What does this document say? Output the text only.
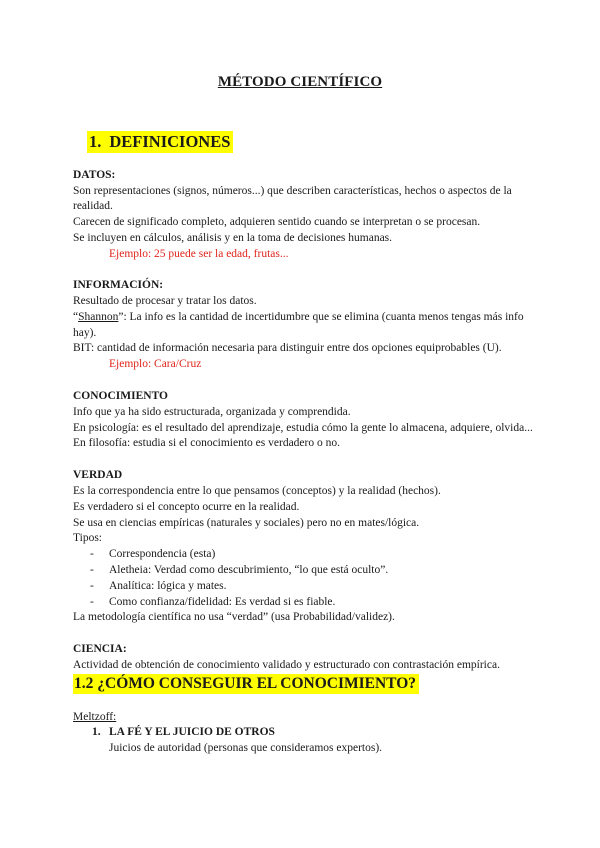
MÉTODO CIENTÍFICO
1. DEFINICIONES
DATOS:
Son representaciones (signos, números...) que describen características, hechos o aspectos de la
realidad.
Carecen de significado completo, adquieren sentido cuando se interpretan o se procesan.
Se incluyen en cálculos, análisis y en la toma de decisiones humanas.
Ejemplo: 25 puede ser la edad, frutas...
INFORMACIÓN:
Resultado de procesar y tratar los datos.
“Shannon”: La info es la cantidad de incertidumbre que se elimina (cuanta menos tengas más info
hay).
BIT: cantidad de información necesaria para distinguir entre dos opciones equiprobables (U).
Ejemplo: Cara/Cruz
CONOCIMIENTO
Info que ya ha sido estructurada, organizada y comprendida.
En psicología: es el resultado del aprendizaje, estudia cómo la gente lo almacena, adquiere, olvida...
En filosofía: estudia si el conocimiento es verdadero o no.
VERDAD
Es la correspondencia entre lo que pensamos (conceptos) y la realidad (hechos).
Es verdadero si el concepto ocurre en la realidad.
Se usa en ciencias empíricas (naturales y sociales) pero no en mates/lógica.
Tipos:
- Correspondencia (esta)
- Aletheia: Verdad como descubrimiento, “lo que está oculto”.
- Analítica: lógica y mates.
- Como confianza/fidelidad: Es verdad si es fiable.
La metodología científica no usa “verdad” (usa Probabilidad/validez).
CIENCIA:
Actividad de obtención de conocimiento validado y estructurado con contrastación empírica.
1.2 ¿CÓMO CONSEGUIR EL CONOCIMIENTO?
Meltzoff:
1. LA FÉ Y EL JUICIO DE OTROS
Juicios de autoridad (personas que consideramos expertos).
